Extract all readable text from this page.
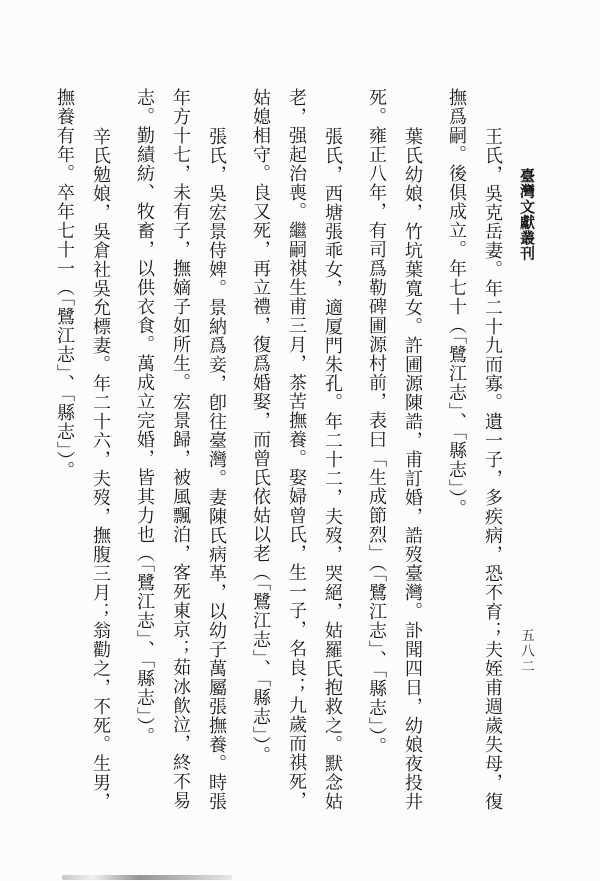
臺灣文獻叢刊
五八二
王氏，吳克岳妻。年二十九而寡。遺一子，多疾病，恐不育；夫姪甫週歲失母，復
撫爲嗣。後俱成立。年七十（「鷺江志」、「縣志」）。
葉氏幼娘，竹坑葉寬女。許圃源陳誥，甫訂婚，誥歿臺灣。訃聞四日，幼娘夜投井
死。雍正八年，有司爲勒碑圃源村前，表曰「生成節烈」（「鷺江志」、「縣志」）。
張氏，西塘張乖女，適厦門朱孔。年二十二，夫歿，哭絕，姑羅氏抱救之。默念姑
老，强起治喪。繼嗣祺生甫三月，茶苦撫養。娶婦曾氏，生一子，名良；九歲而祺死，
姑媳相守。良又死，再立禮，復爲婚娶，而曾氏依姑以老（「鷺江志」、「縣志」）。
張氏，吳宏景侍婢。景納爲妾，卽往臺灣。妻陳氏病革，以幼子萬屬張撫養。時張
年方十七，未有子，撫嫡子如所生。宏景歸，被風飄泊，客死東京；茹冰飮泣，終不易
志。勤績紡、牧畜，以供衣食。萬成立完婚，皆其力也（「鷺江志」、「縣志」）。
辛氏勉娘，吳倉社吳允標妻。年二十六，夫歿，撫腹三月；翁勸之，不死。生男，
撫養有年。卒年七十一（「鷺江志」、「縣志」）。
